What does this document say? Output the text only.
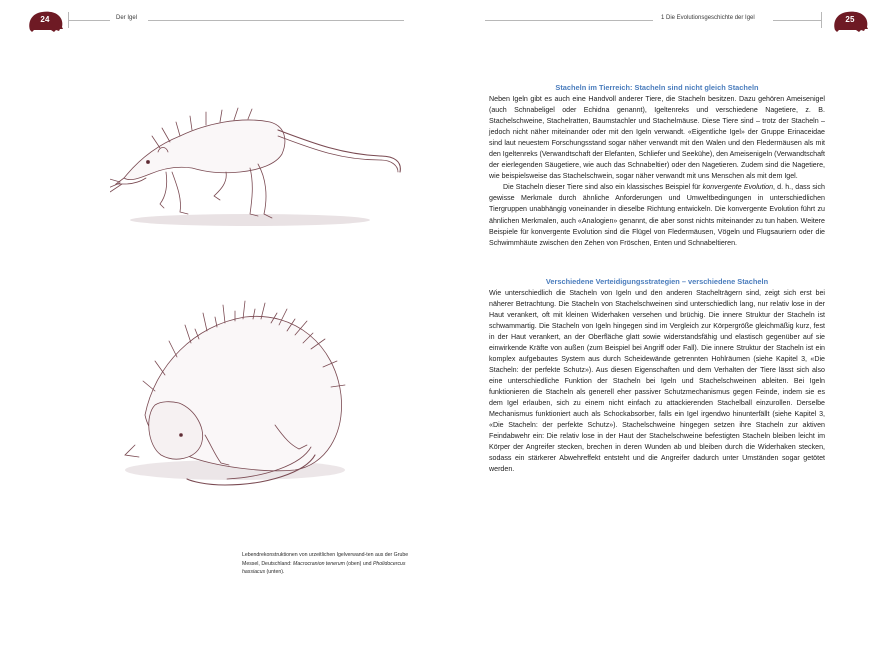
24	Der Igel
Lebendrekonstruktionen von urzeitlichen Igelverwand-ten aus der Grube Messel, Deutschland: Macrocranion tenerum (oben) und Pholidocercus hassiacus (unten).
1 Die Evolutionsgeschichte der Igel	25
Stacheln im Tierreich: Stacheln sind nicht gleich Stacheln

Neben Igeln gibt es auch eine Handvoll anderer Tiere, die Stacheln besitzen. Dazu gehören Ameisenigel (auch Schnabeligel oder Echidna genannt), Igeltenreks und verschiedene Nagetiere, z. B. Stachelschweine, Stachelratten, Baumstachler und Stachelmäuse. Diese Tiere sind – trotz der Stacheln – jedoch nicht näher miteinander oder mit den Igeln verwandt. «Eigentliche Igel» der Gruppe Erinaceidae sind laut neuestem Forschungsstand sogar näher verwandt mit den Walen und den Fledermäusen als mit den Igeltenreks (Verwandtschaft der Elefanten, Schliefer und Seekühe), den Ameisenigeln (Verwandtschaft der eierlegenden Säugetiere, wie auch das Schnabeltier) oder den Nagetieren. Zudem sind die Nagetiere, wie beispielsweise das Stachelschwein, sogar näher verwandt mit uns Menschen als mit dem Igel.

Die Stacheln dieser Tiere sind also ein klassisches Beispiel für konvergente Evolution, d. h., dass sich gewisse Merkmale durch ähnliche Anforderungen und Umweltbedingungen in unterschiedlichen Tiergruppen unabhängig voneinander in dieselbe Richtung entwickeln. Die konvergente Evolution führt zu ähnlichen Merkmalen, auch «Analogien» genannt, die aber sonst nichts miteinander zu tun haben. Weitere Beispiele für konvergente Evolution sind die Flügel von Fledermäusen, Vögeln und Flugsauriern oder die Schwimmhäute zwischen den Zehen von Fröschen, Enten und Schnabeltieren.

Verschiedene Verteidigungsstrategien – verschiedene Stacheln

Wie unterschiedlich die Stacheln von Igeln und den anderen Stachelträgern sind, zeigt sich erst bei näherer Betrachtung. Die Stacheln von Stachelschweinen sind unterschiedlich lang, nur relativ lose in der Haut verankert, oft mit kleinen Widerhaken versehen und brüchig. Die innere Struktur der Stacheln ist schwammartig. Die Stacheln von Igeln hingegen sind im Vergleich zur Körpergröße gleichmäßig kurz, fest in der Haut verankert, an der Oberfläche glatt sowie widerstandsfähig und elastisch gegenüber auf sie einwirkende Kräfte von außen (zum Beispiel bei Angriff oder Fall). Die innere Struktur der Stacheln ist ein komplex aufgebautes System aus durch Scheidewände getrennten Hohlräumen (siehe Kapitel 3, «Die Stacheln: der perfekte Schutz»). Aus diesen Eigenschaften und dem Verhalten der Tiere lässt sich also eine unterschiedliche Funktion der Stacheln bei Igeln und Stachelschweinen ableiten. Bei Igeln funktionieren die Stacheln als generell eher passiver Schutzmechanismus gegen Feinde, indem sie es dem Igel erlauben, sich zu einem nicht einfach zu attackierenden Stachelball einzurollen. Derselbe Mechanismus funktioniert auch als Schockabsorber, falls ein Igel irgendwo hinunterfällt (siehe Kapitel 3, «Die Stacheln: der perfekte Schutz»). Stachelschweine hingegen setzen ihre Stacheln zur aktiven Feindabwehr ein: Die relativ lose in der Haut der Stachelschweine befestigten Stacheln bleiben leicht im Körper der Angreifer stecken, brechen in deren Wunden ab und bleiben durch die Widerhaken stecken, sodass ein stärkerer Abwehreffekt entsteht und die Angreifer dadurch unter Umständen sogar getötet werden.
